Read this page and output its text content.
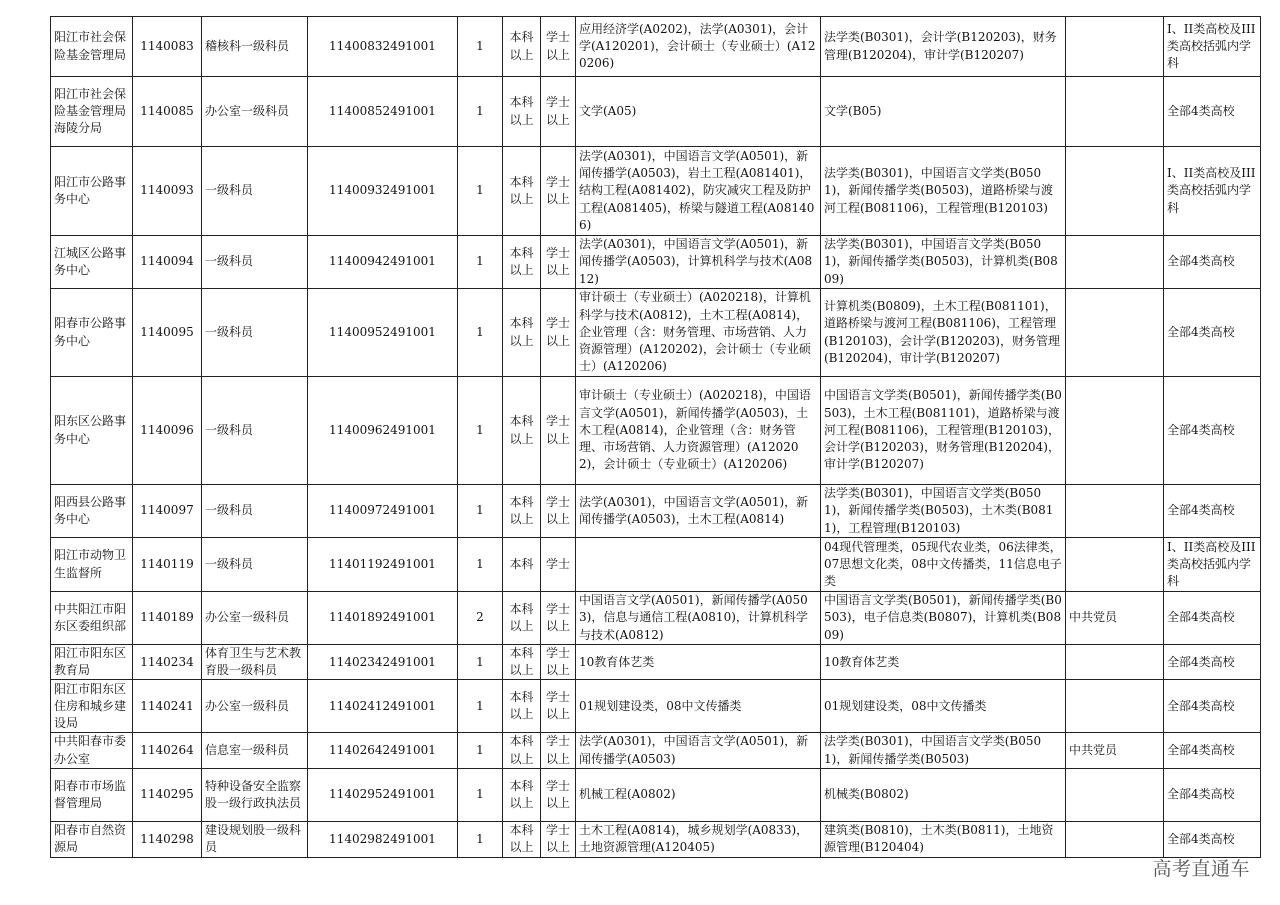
阳江市社会保险基金管理局	1140083	稽核科一级科员	11400832491001	1	本科以上	学士以上	应用经济学(A0202)，法学(A0301)，会计学(A120201)，会计硕士（专业硕士）(A120206)	法学类(B0301)，会计学(B120203)，财务管理(B120204)，审计学(B120207)		I、II类高校及III类高校括弧内学科
阳江市社会保险基金管理局海陵分局	1140085	办公室一级科员	11400852491001	1	本科以上	学士以上	文学(A05)	文学(B05)		全部4类高校
阳江市公路事务中心	1140093	一级科员	11400932491001	1	本科以上	学士以上	法学(A0301)，中国语言文学(A0501)，新闻传播学(A0503)，岩土工程(A081401)，结构工程(A081402)，防灾减灾工程及防护工程(A081405)，桥梁与隧道工程(A081406)	法学类(B0301)，中国语言文学类(B0501)，新闻传播学类(B0503)，道路桥梁与渡河工程(B081106)，工程管理(B120103)		I、II类高校及III类高校括弧内学科
江城区公路事务中心	1140094	一级科员	11400942491001	1	本科以上	学士以上	法学(A0301)，中国语言文学(A0501)，新闻传播学(A0503)，计算机科学与技术(A0812)	法学类(B0301)，中国语言文学类(B0501)，新闻传播学类(B0503)，计算机类(B0809)		全部4类高校
阳春市公路事务中心	1140095	一级科员	11400952491001	1	本科以上	学士以上	审计硕士（专业硕士）(A020218)，计算机科学与技术(A0812)，土木工程(A0814)，企业管理（含：财务管理、市场营销、人力资源管理）(A120202)，会计硕士（专业硕士）(A120206)	计算机类(B0809)，土木工程(B081101)，道路桥梁与渡河工程(B081106)，工程管理(B120103)，会计学(B120203)，财务管理(B120204)，审计学(B120207)		全部4类高校
阳东区公路事务中心	1140096	一级科员	11400962491001	1	本科以上	学士以上	审计硕士（专业硕士）(A020218)，中国语言文学(A0501)，新闻传播学(A0503)，土木工程(A0814)，企业管理（含：财务管理、市场营销、人力资源管理）(A120202)，会计硕士（专业硕士）(A120206)	中国语言文学类(B0501)，新闻传播学类(B0503)，土木工程(B081101)，道路桥梁与渡河工程(B081106)，工程管理(B120103)，会计学(B120203)，财务管理(B120204)，审计学(B120207)		全部4类高校
阳西县公路事务中心	1140097	一级科员	11400972491001	1	本科以上	学士以上	法学(A0301)，中国语言文学(A0501)，新闻传播学(A0503)，土木工程(A0814)	法学类(B0301)，中国语言文学类(B0501)，新闻传播学类(B0503)，土木类(B0811)，工程管理(B120103)		全部4类高校
阳江市动物卫生监督所	1140119	一级科员	11401192491001	1	本科	学士		04现代管理类，05现代农业类，06法律类，07思想文化类，08中文传播类，11信息电子类		I、II类高校及III类高校括弧内学科
中共阳江市阳东区委组织部	1140189	办公室一级科员	11401892491001	2	本科以上	学士以上	中国语言文学(A0501)，新闻传播学(A0503)，信息与通信工程(A0810)，计算机科学与技术(A0812)	中国语言文学类(B0501)，新闻传播学类(B0503)，电子信息类(B0807)，计算机类(B0809)	中共党员	全部4类高校
阳江市阳东区教育局	1140234	体育卫生与艺术教育股一级科员	11402342491001	1	本科以上	学士以上	10教育体艺类	10教育体艺类		全部4类高校
阳江市阳东区住房和城乡建设局	1140241	办公室一级科员	11402412491001	1	本科以上	学士以上	01规划建设类，08中文传播类	01规划建设类，08中文传播类		全部4类高校
中共阳春市委办公室	1140264	信息室一级科员	11402642491001	1	本科以上	学士以上	法学(A0301)，中国语言文学(A0501)，新闻传播学(A0503)	法学类(B0301)，中国语言文学类(B0501)，新闻传播学类(B0503)	中共党员	全部4类高校
阳春市市场监督管理局	1140295	特种设备安全监察股一级行政执法员	11402952491001	1	本科以上	学士以上	机械工程(A0802)	机械类(B0802)		全部4类高校
阳春市自然资源局	1140298	建设规划股一级科员	11402982491001	1	本科以上	学士以上	土木工程(A0814)，城乡规划学(A0833)，土地资源管理(A120405)	建筑类(B0810)，土木类(B0811)，土地资源管理(B120404)		全部4类高校
高考直通车
